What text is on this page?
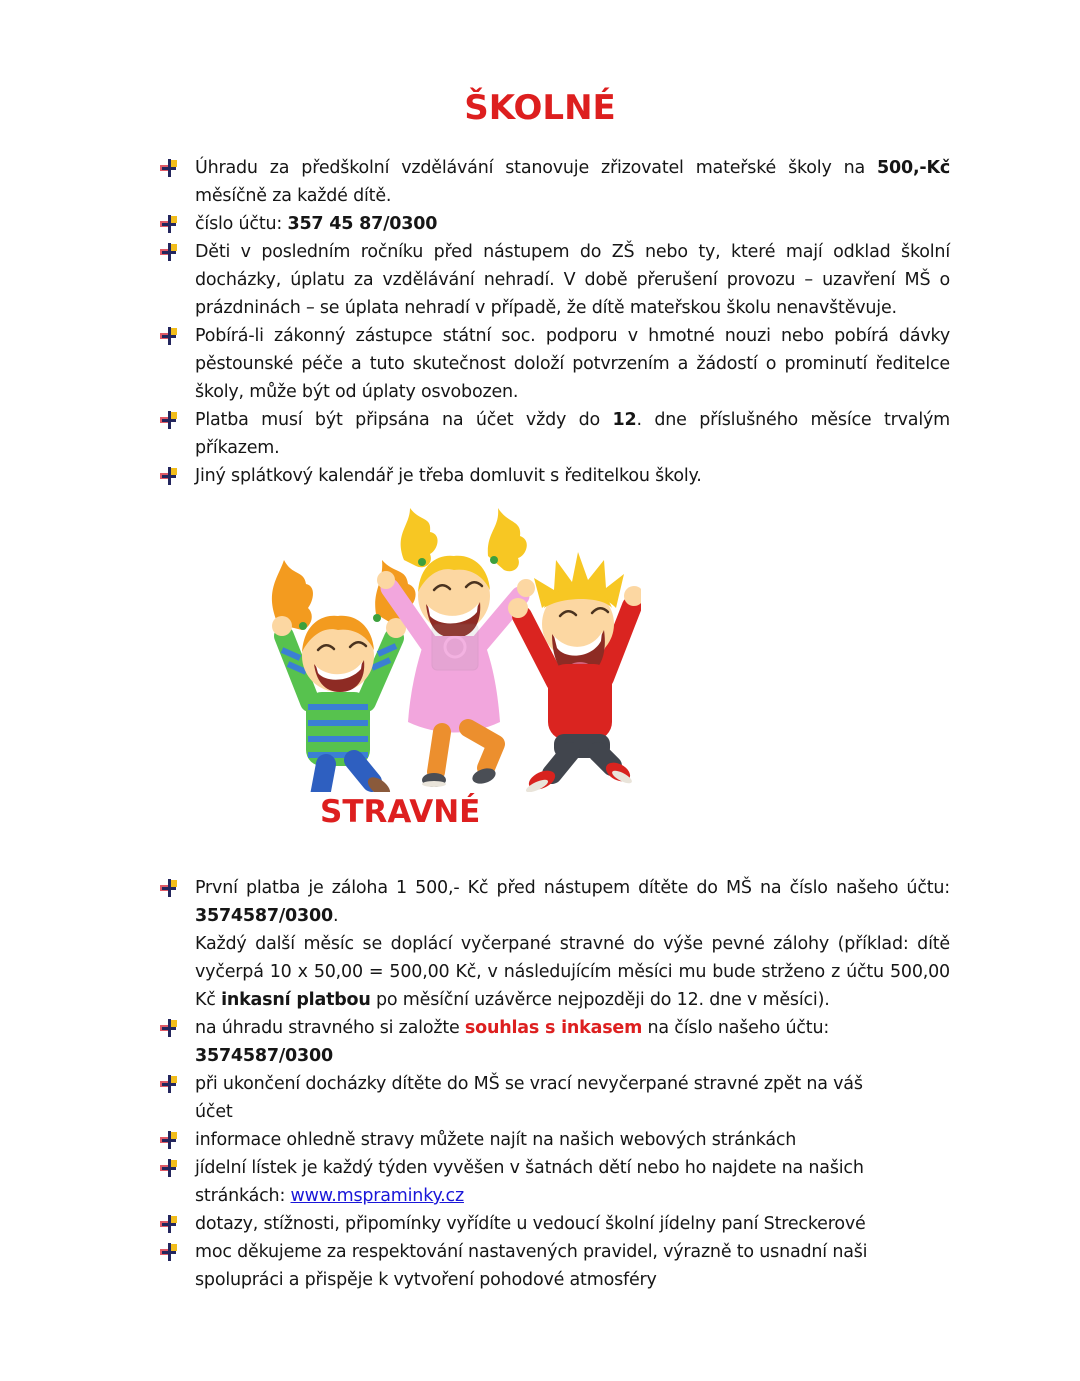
ŠKOLNÉ
Úhradu za předškolní vzdělávání stanovuje zřizovatel mateřské školy na 500,-Kč měsíčně za každé dítě.
číslo účtu: 357 45 87/0300
Děti v posledním ročníku před nástupem do ZŠ nebo ty, které mají odklad školní docházky, úplatu za vzdělávání nehradí. V době přerušení provozu – uzavření MŠ o prázdninách – se úplata nehradí v případě, že dítě mateřskou školu nenavštěvuje.
Pobírá-li zákonný zástupce státní soc. podporu v hmotné nouzi nebo pobírá dávky pěstounské péče a tuto skutečnost doloží potvrzením a žádostí o prominutí ředitelce školy, může být od úplaty osvobozen.
Platba musí být připsána na účet vždy do 12. dne příslušného měsíce trvalým příkazem.
Jiný splátkový kalendář je třeba domluvit s ředitelkou školy.
STRAVNÉ
První platba je záloha 1 500,- Kč před nástupem dítěte do MŠ na číslo našeho účtu: 3574587/0300.
Každý další měsíc se doplácí vyčerpané stravné do výše pevné zálohy (příklad: dítě vyčerpá 10 x 50,00 = 500,00 Kč, v následujícím měsíci mu bude strženo z účtu 500,00 Kč inkasní platbou po měsíční uzávěrce nejpozději do 12. dne v měsíci).
na úhradu stravného si založte souhlas s inkasem na číslo našeho účtu:
3574587/0300
při ukončení docházky dítěte do MŠ se vrací nevyčerpané stravné zpět na váš
účet
informace ohledně stravy můžete najít na našich webových stránkách
jídelní lístek je každý týden vyvěšen v šatnách dětí nebo ho najdete na našich stránkách: www.mspraminky.cz
dotazy, stížnosti, připomínky vyřídíte u vedoucí školní jídelny paní Streckerové
moc děkujeme za respektování nastavených pravidel, výrazně to usnadní naši spolupráci a přispěje k vytvoření pohodové atmosféry
